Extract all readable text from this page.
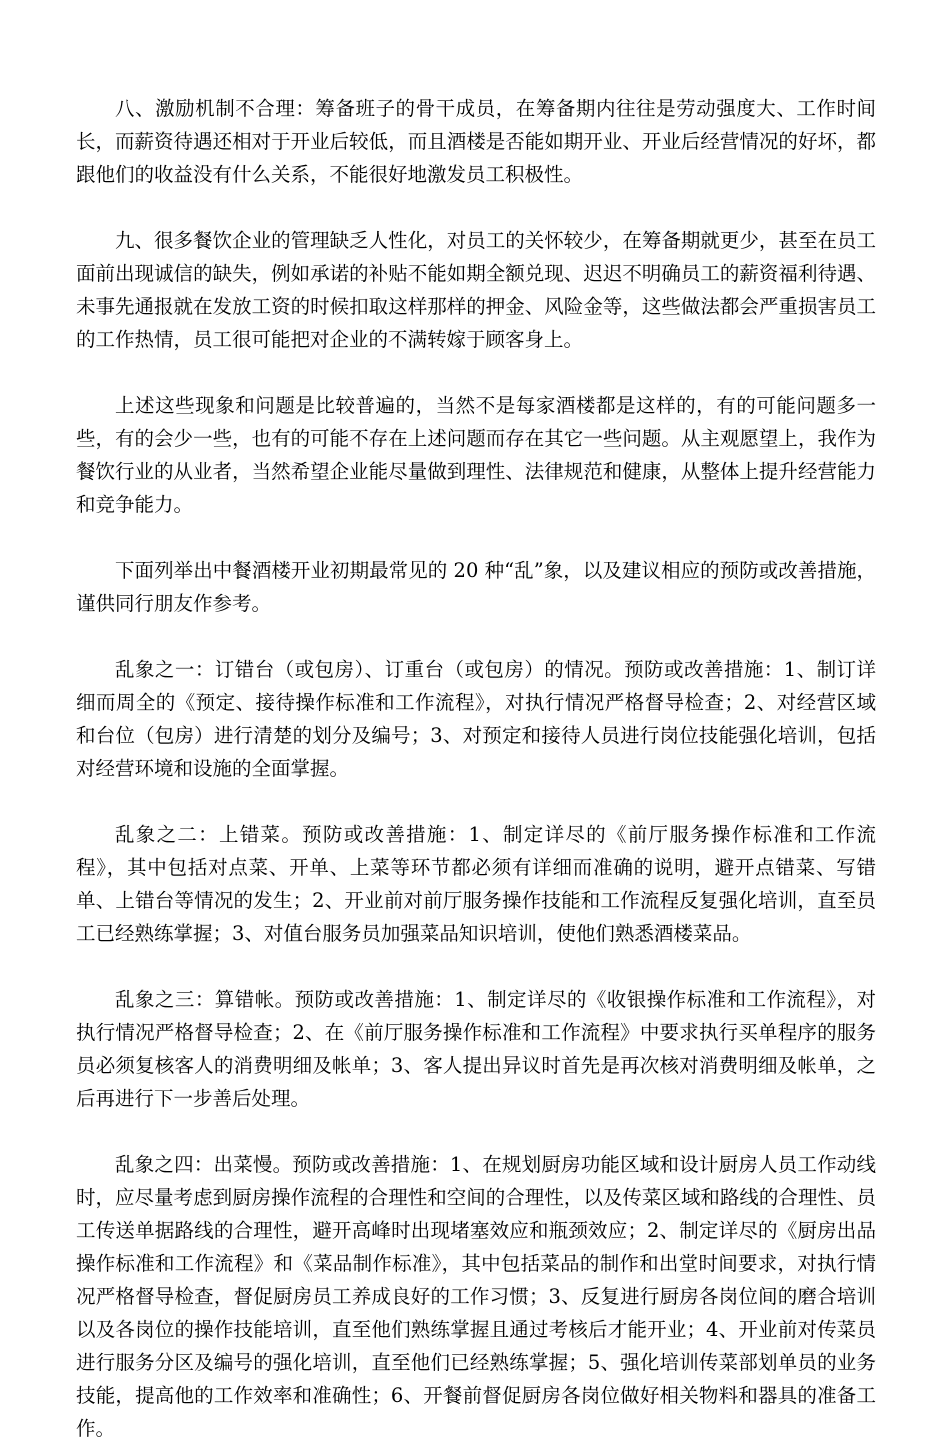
八、激励机制不合理：筹备班子的骨干成员，在筹备期内往往是劳动强度大、工作时间长，而薪资待遇还相对于开业后较低，而且酒楼是否能如期开业、开业后经营情况的好坏，都跟他们的收益没有什么关系，不能很好地激发员工积极性。

九、很多餐饮企业的管理缺乏人性化，对员工的关怀较少，在筹备期就更少，甚至在员工面前出现诚信的缺失，例如承诺的补贴不能如期全额兑现、迟迟不明确员工的薪资福利待遇、未事先通报就在发放工资的时候扣取这样那样的押金、风险金等，这些做法都会严重损害员工的工作热情，员工很可能把对企业的不满转嫁于顾客身上。

上述这些现象和问题是比较普遍的，当然不是每家酒楼都是这样的，有的可能问题多一些，有的会少一些，也有的可能不存在上述问题而存在其它一些问题。从主观愿望上，我作为餐饮行业的从业者，当然希望企业能尽量做到理性、法律规范和健康，从整体上提升经营能力和竞争能力。

下面列举出中餐酒楼开业初期最常见的 20 种“乱”象，以及建议相应的预防或改善措施，谨供同行朋友作参考。

乱象之一：订错台（或包房）、订重台（或包房）的情况。预防或改善措施：1、制订详细而周全的《预定、接待操作标准和工作流程》，对执行情况严格督导检查；2、对经营区域和台位（包房）进行清楚的划分及编号；3、对预定和接待人员进行岗位技能强化培训，包括对经营环境和设施的全面掌握。

乱象之二：上错菜。预防或改善措施：1、制定详尽的《前厅服务操作标准和工作流程》，其中包括对点菜、开单、上菜等环节都必须有详细而准确的说明，避开点错菜、写错单、上错台等情况的发生；2、开业前对前厅服务操作技能和工作流程反复强化培训，直至员工已经熟练掌握；3、对值台服务员加强菜品知识培训，使他们熟悉酒楼菜品。

乱象之三：算错帐。预防或改善措施：1、制定详尽的《收银操作标准和工作流程》，对执行情况严格督导检查；2、在《前厅服务操作标准和工作流程》中要求执行买单程序的服务员必须复核客人的消费明细及帐单；3、客人提出异议时首先是再次核对消费明细及帐单，之后再进行下一步善后处理。

乱象之四：出菜慢。预防或改善措施：1、在规划厨房功能区域和设计厨房人员工作动线时，应尽量考虑到厨房操作流程的合理性和空间的合理性，以及传菜区域和路线的合理性、员工传送单据路线的合理性，避开高峰时出现堵塞效应和瓶颈效应；2、制定详尽的《厨房出品操作标准和工作流程》和《菜品制作标准》，其中包括菜品的制作和出堂时间要求，对执行情况严格督导检查，督促厨房员工养成良好的工作习惯；3、反复进行厨房各岗位间的磨合培训以及各岗位的操作技能培训，直至他们熟练掌握且通过考核后才能开业；4、开业前对传菜员进行服务分区及编号的强化培训，直至他们已经熟练掌握；5、强化培训传菜部划单员的业务技能，提高他的工作效率和准确性；6、开餐前督促厨房各岗位做好相关物料和器具的准备工作。
